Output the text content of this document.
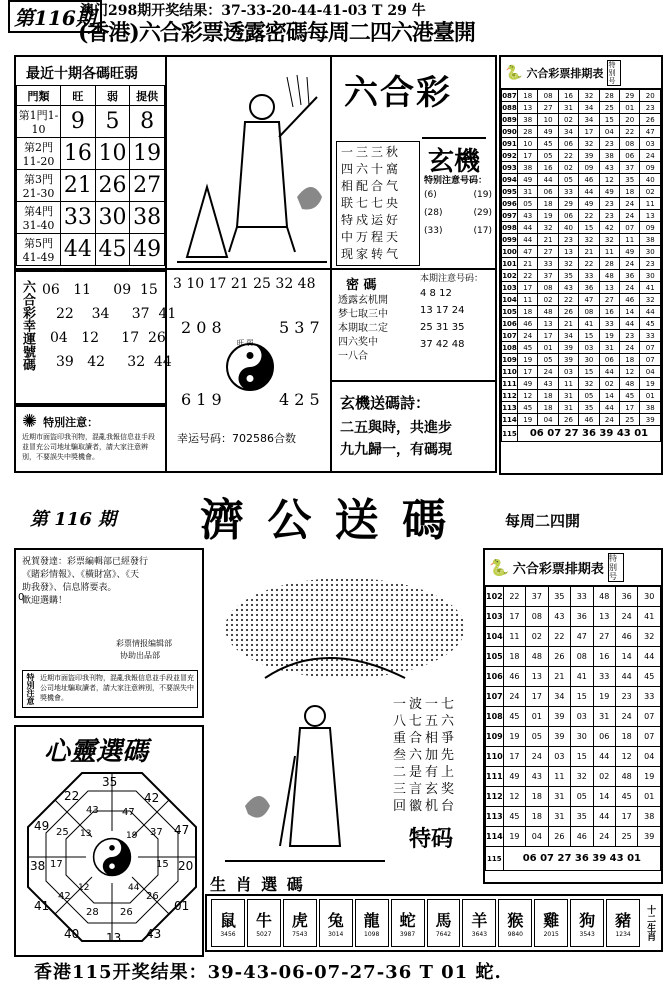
第116期
澳门298期开奖结果：37-33-20-44-41-03 T 29 牛
(香港)六合彩票透露密碼每周二四六港臺開
最近十期各碼旺弱
門類	旺	弱	提供
第1門1-10	9	5	8
第2門11-20	16	10	19
第3門21-30	21	26	27
第4門31-40	33	30	38
第5門41-49	44	45	49
六合彩幸運號碼 06 11 09 15
22 34 37 41
04 12 17 26
39 42 32 44
✺ 特別注意：
近期市面盜印我刊物，混亂我報信息並手段並冒充公司地址騙取讀者，請大家注意辨別，不要誤失中獎機會。
六合彩
玄機
一三三秋
四六十窩
相配合气
联七七央
特戍运好
中万程天
现家转气
特别注意号码：
(6)	(19)
(28)	(29)
(33)	(17)
3 10 17 21 25 32 48
2 0 8	5 3 7
旺 弱
6 1 9	4 2 5
幸运号码：702586合数
密 碼
透露玄机開
梦七取三中
本期取二定
四六奖中
一八合
本期注意号码：
4 8 12
13 17 24
25 31 35
37 42 48
玄機送碼詩：
二五與時，共進步
九九歸一，有碼現
🐍 六合彩票排期表
特别号
087	18	08	16	32	28	29	20
088	13	27	31	34	25	01	23
089	38	10	02	34	15	20	26
090	28	49	34	17	04	22	47
091	10	45	06	32	23	08	03
092	17	05	22	39	38	06	24
093	38	16	02	09	43	37	09
094	49	44	05	46	12	35	40
095	31	06	33	44	49	18	02
096	05	18	29	49	23	24	11
097	43	19	06	22	23	24	13
098	44	32	40	15	42	07	09
099	44	21	23	32	32	11	38
100	47	27	13	21	11	49	30
101	21	33	32	22	28	24	23
102	22	37	35	33	48	36	30
103	17	08	43	36	13	24	41
104	11	02	22	47	27	46	32
105	18	48	26	08	16	14	44
106	46	13	21	41	33	44	45
107	24	17	34	15	19	23	33
108	45	01	39	03	31	24	07
109	19	05	39	30	06	18	07
110	17	24	03	15	44	12	04
111	49	43	11	32	02	48	19
112	12	18	31	05	14	45	01
113	45	18	31	35	44	17	38
114	19	04	26	46	24	25	39
115	06 07 27 36 39 43 01						
第 116 期 濟 公 送 碼	每周二四開
祝賀發達：彩票編輯部已經發行
《賭彩情報》、《橫財富》、《天
助我發》、信息將要表。
歡迎選購！
彩票情报编辑部
协助出品部
0
特別注意 近期市面盜印我刊物，混亂我報信息並手段並冒充公司地址騙取讀者，請大家注意辨別，不要誤失中獎機會。	一波一七
八七五六
重合相爭
叁六加先
二是有上
三言玄奖
回徽机台
特码
心靈選碼
35
42
47
20
01
43
13
40
41
38
49
22
43 47
37
15
26
26
28
42
17
25 13	19
44
12
🐍 六合彩票排期表
特别号
102	22	37	35	33	48	36	30
103	17	08	43	36	13	24	41
104	11	02	22	47	27	46	32
105	18	48	26	08	16	14	44
106	46	13	21	41	33	44	45
107	24	17	34	15	19	23	33
108	45	01	39	03	31	24	07
109	19	05	39	30	06	18	07
110	17	24	03	15	44	12	04
111	49	43	11	32	02	48	19
112	12	18	31	05	14	45	01
113	45	18	31	35	44	17	38
114	19	04	26	46	24	25	39
115	06 07 27 36 39 43 01						
生 肖 選 碼
鼠
3456
牛
5027
虎
7543
兔
3014
龍
1098
蛇
3987
馬
7642
羊
3643
猴
9840
雞
2015
狗
3543
豬
1234 十二生肖
香港115开奖结果：39-43-06-07-27-36 T 01 蛇.
